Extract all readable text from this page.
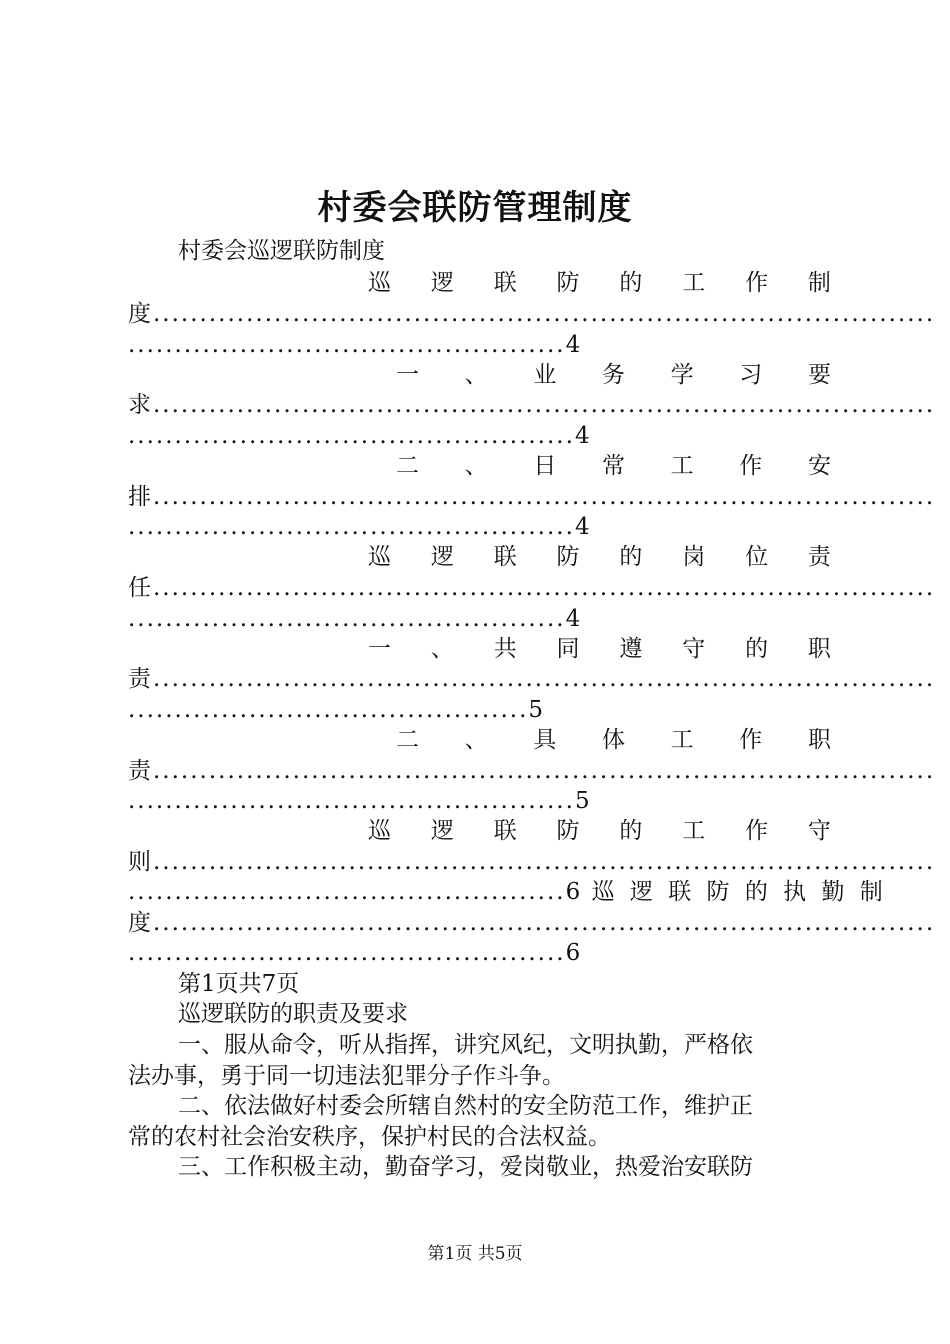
村委会联防管理制度
村委会巡逻联防制度
巡 逻 联 防 的 工 作 制
度....................................................................................
...............................................4
一 、 业 务 学 习 要
求....................................................................................
................................................4
二 、 日 常 工 作 安
排....................................................................................
................................................4
巡 逻 联 防 的 岗 位 责
任....................................................................................
...............................................4
一 、 共 同 遵 守 的 职
责....................................................................................
...........................................5
二 、 具 体 工 作 职
责....................................................................................
................................................5
巡 逻 联 防 的 工 作 守
则....................................................................................
...............................................6 巡 逻 联 防 的 执 勤 制
度....................................................................................
...............................................6
第1页共7页
巡逻联防的职责及要求
一、服从命令，听从指挥，讲究风纪，文明执勤，严格依
法办事，勇于同一切违法犯罪分子作斗争。
二、依法做好村委会所辖自然村的安全防范工作，维护正
常的农村社会治安秩序，保护村民的合法权益。
三、工作积极主动，勤奋学习，爱岗敬业，热爱治安联防
第1页 共5页
